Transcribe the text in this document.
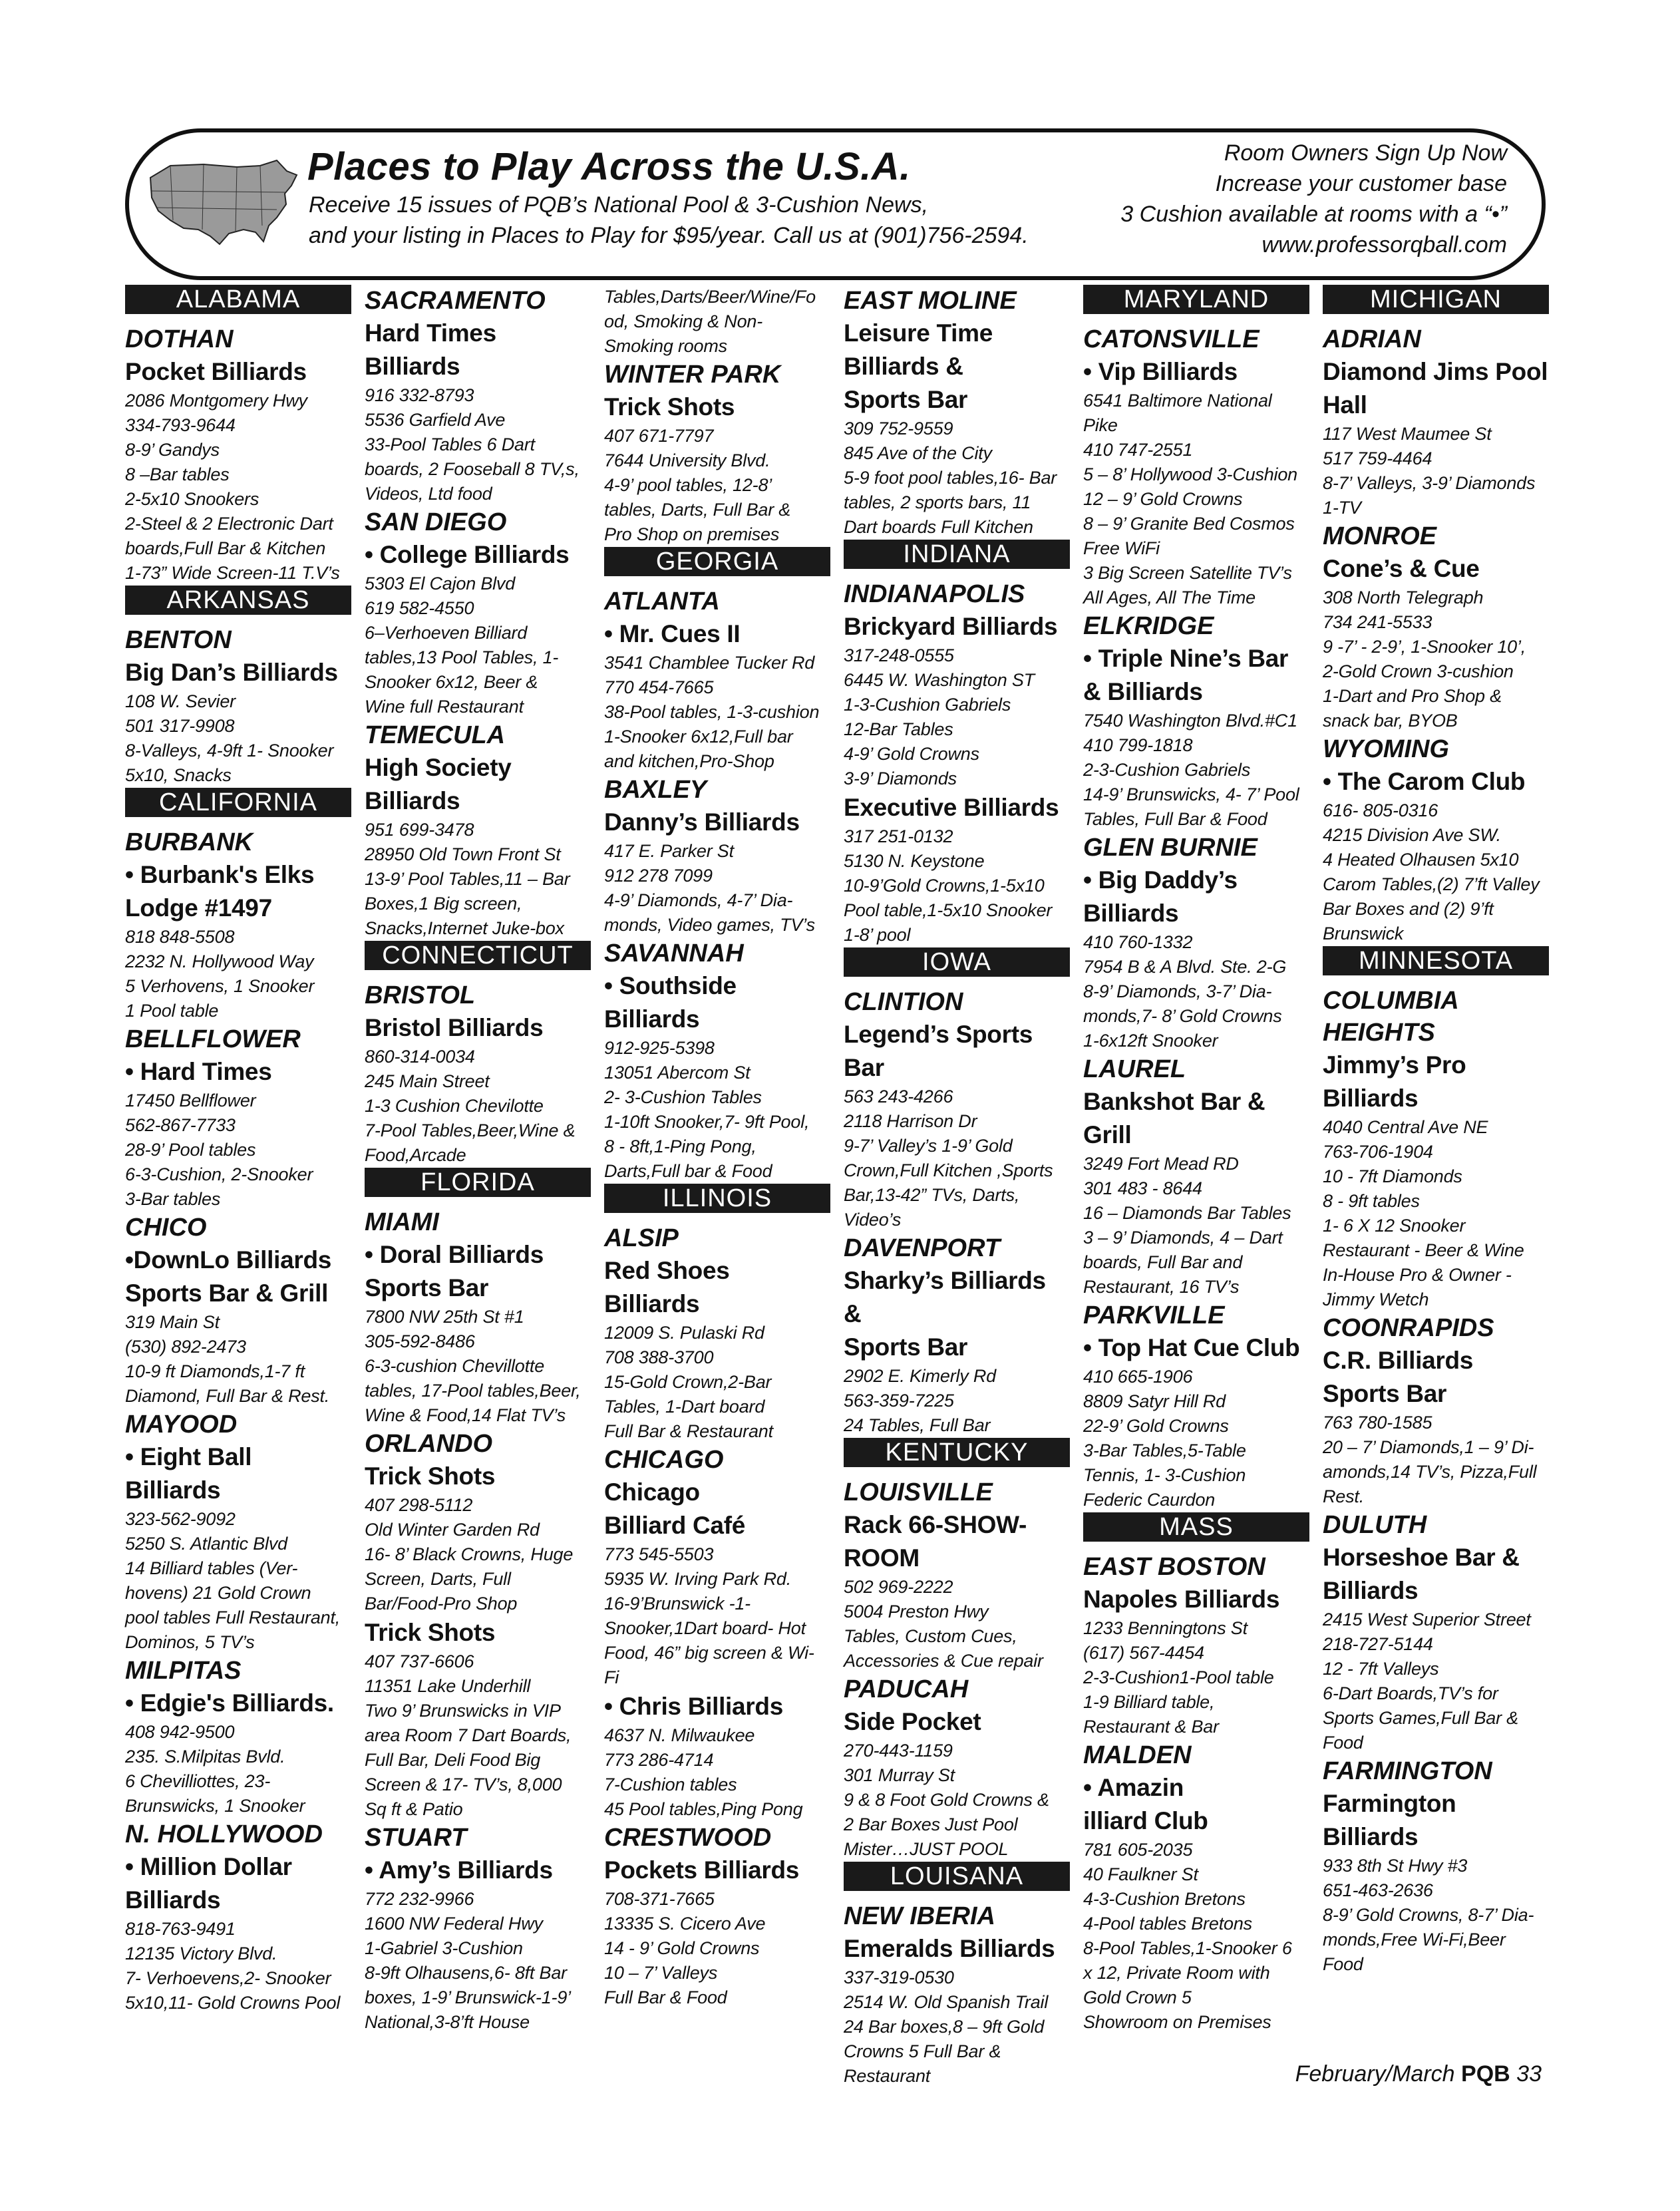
Places to Play Across the U.S.A.
Receive 15 issues of PQB’s National Pool & 3-Cushion News,
and your listing in Places to Play for $95/year. Call us at (901)756-2594.
Room Owners Sign Up Now
Increase your customer base
3 Cushion available at rooms with a “•”
www.professorqball.com
ALABAMA
DOTHAN
Pocket Billiards
2086 Montgomery Hwy
334-793-9644
8-9’ Gandys
8 –Bar tables
2-5x10 Snookers
2-Steel & 2 Electronic Dart
boards,Full Bar & Kitchen
1-73” Wide Screen-11 T.V’s
ARKANSAS
BENTON
Big Dan’s Billiards
108 W. Sevier
501 317-9908
8-Valleys, 4-9ft 1- Snooker
5x10, Snacks
CALIFORNIA
BURBANK
• Burbank's Elks
Lodge #1497
818 848-5508
2232 N. Hollywood Way
5 Verhovens, 1 Snooker
1 Pool table
BELLFLOWER
• Hard Times
17450 Bellflower
562-867-7733
28-9’ Pool tables
6-3-Cushion, 2-Snooker
3-Bar tables
CHICO
•DownLo Billiards
Sports Bar & Grill
319 Main St
(530) 892-2473
10-9 ft Diamonds,1-7 ft
Diamond, Full Bar & Rest.
MAYOOD
• Eight Ball Billiards
323-562-9092
5250 S. Atlantic Blvd
14 Billiard tables (Ver-
hovens) 21 Gold Crown
pool tables Full Restaurant,
Dominos, 5 TV’s
MILPITAS
• Edgie's Billiards.
408 942-9500
235. S.Milpitas Bvld.
6 Chevilliottes, 23-
Brunswicks, 1 Snooker
N. HOLLYWOOD
• Million Dollar
Billiards
818-763-9491
12135 Victory Blvd.
7- Verhoevens,2- Snooker
5x10,11- Gold Crowns Pool
SACRAMENTO
Hard Times
Billiards
916 332-8793
5536 Garfield Ave
33-Pool Tables 6 Dart
boards, 2 Fooseball 8 TV,s,
Videos, Ltd food
SAN DIEGO
• College Billiards
5303 El Cajon Blvd
619 582-4550
6–Verhoeven Billiard
tables,13 Pool Tables, 1-
Snooker 6x12, Beer &
Wine full Restaurant
TEMECULA
High Society
Billiards
951 699-3478
28950 Old Town Front St
13-9’ Pool Tables,11 – Bar
Boxes,1 Big screen,
Snacks,Internet Juke-box
CONNECTICUT
BRISTOL
Bristol Billiards
860-314-0034
245 Main Street
1-3 Cushion Chevilotte
7-Pool Tables,Beer,Wine &
Food,Arcade
FLORIDA
MIAMI
• Doral Billiards
Sports Bar
7800 NW 25th St #1
305-592-8486
6-3-cushion Chevillotte
tables, 17-Pool tables,Beer,
Wine & Food,14 Flat TV’s
ORLANDO
Trick Shots
407 298-5112
Old Winter Garden Rd
16- 8’ Black Crowns, Huge
Screen, Darts, Full
Bar/Food-Pro Shop
Trick Shots
407 737-6606
11351 Lake Underhill
Two 9’ Brunswicks in VIP
area Room 7 Dart Boards,
Full Bar, Deli Food Big
Screen & 17- TV’s, 8,000
Sq ft & Patio
STUART
• Amy’s Billiards
772 232-9966
1600 NW Federal Hwy
1-Gabriel 3-Cushion
8-9ft Olhausens,6- 8ft Bar
boxes, 1-9’ Brunswick-1-9’
National,3-8’ft House
Tables,Darts/Beer/Wine/Fo
od, Smoking & Non-
Smoking rooms
WINTER PARK
Trick Shots
407 671-7797
7644 University Blvd.
4-9’ pool tables, 12-8’
tables, Darts, Full Bar &
Pro Shop on premises
GEORGIA
ATLANTA
• Mr. Cues II
3541 Chamblee Tucker Rd
770 454-7665
38-Pool tables, 1-3-cushion
1-Snooker 6x12,Full bar
and kitchen,Pro-Shop
BAXLEY
Danny’s Billiards
417 E. Parker St
912 278 7099
4-9’ Diamonds, 4-7’ Dia-
monds, Video games, TV’s
SAVANNAH
• Southside Billiards
912-925-5398
13051 Abercom St
2- 3-Cushion Tables
1-10ft Snooker,7- 9ft Pool,
8 - 8ft,1-Ping Pong,
Darts,Full bar & Food
ILLINOIS
ALSIP
Red Shoes Billiards
12009 S. Pulaski Rd
708 388-3700
15-Gold Crown,2-Bar
Tables, 1-Dart board
Full Bar & Restaurant
CHICAGO
Chicago
Billiard Café
773 545-5503
5935 W. Irving Park Rd.
16-9’Brunswick -1-
Snooker,1Dart board- Hot
Food, 46” big screen & Wi-
Fi
• Chris Billiards
4637 N. Milwaukee
773 286-4714
7-Cushion tables
45 Pool tables,Ping Pong
CRESTWOOD
Pockets Billiards
708-371-7665
13335 S. Cicero Ave
14 - 9’ Gold Crowns
10 – 7’ Valleys
Full Bar & Food
EAST MOLINE
Leisure Time
Billiards &
Sports Bar
309 752-9559
845 Ave of the City
5-9 foot pool tables,16- Bar
tables, 2 sports bars, 11
Dart boards Full Kitchen
INDIANA
INDIANAPOLIS
Brickyard Billiards
317-248-0555
6445 W. Washington ST
1-3-Cushion Gabriels
12-Bar Tables
4-9’ Gold Crowns
3-9’ Diamonds
Executive Billiards
317 251-0132
5130 N. Keystone
10-9’Gold Crowns,1-5x10
Pool table,1-5x10 Snooker
1-8’ pool
IOWA
CLINTION
Legend’s Sports Bar
563 243-4266
2118 Harrison Dr
9-7’ Valley’s 1-9’ Gold
Crown,Full Kitchen ,Sports
Bar,13-42” TVs, Darts,
Video’s
DAVENPORT
Sharky’s Billiards &
Sports Bar
2902 E. Kimerly Rd
563-359-7225
24 Tables, Full Bar
KENTUCKY
LOUISVILLE
Rack 66-SHOW-
ROOM
502 969-2222
5004 Preston Hwy
Tables, Custom Cues,
Accessories & Cue repair
PADUCAH
Side Pocket
270-443-1159
301 Murray St
9 & 8 Foot Gold Crowns &
2 Bar Boxes Just Pool
Mister…JUST POOL
LOUISANA
NEW IBERIA
Emeralds Billiards
337-319-0530
2514 W. Old Spanish Trail
24 Bar boxes,8 – 9ft Gold
Crowns 5 Full Bar &
Restaurant
MARYLAND
CATONSVILLE
• Vip Billiards
6541 Baltimore National
Pike
410 747-2551
5 – 8’ Hollywood 3-Cushion
12 – 9’ Gold Crowns
8 – 9’ Granite Bed Cosmos
Free WiFi
3 Big Screen Satellite TV’s
All Ages, All The Time
ELKRIDGE
• Triple Nine’s Bar
& Billiards
7540 Washington Blvd.#C1
410 799-1818
2-3-Cushion Gabriels
14-9’ Brunswicks, 4- 7’ Pool
Tables, Full Bar & Food
GLEN BURNIE
• Big Daddy’s
Billiards
410 760-1332
7954 B & A Blvd. Ste. 2-G
8-9’ Diamonds, 3-7’ Dia-
monds,7- 8’ Gold Crowns
1-6x12ft Snooker
LAUREL
Bankshot Bar & Grill
3249 Fort Mead RD
301 483 - 8644
16 – Diamonds Bar Tables
3 – 9’ Diamonds, 4 – Dart
boards, Full Bar and
Restaurant, 16 TV’s
PARKVILLE
• Top Hat Cue Club
410 665-1906
8809 Satyr Hill Rd
22-9’ Gold Crowns
3-Bar Tables,5-Table
Tennis, 1- 3-Cushion
Federic Caurdon
MASS
EAST BOSTON
Napoles Billiards
1233 Benningtons St
(617) 567-4454
2-3-Cushion1-Pool table
1-9 Billiard table,
Restaurant & Bar
MALDEN
• Amazin
illiard Club
781 605-2035
40 Faulkner St
4-3-Cushion Bretons
4-Pool tables Bretons
8-Pool Tables,1-Snooker 6
x 12, Private Room with
Gold Crown 5
Showroom on Premises
MICHIGAN
ADRIAN
Diamond Jims Pool
Hall
117 West Maumee St
517 759-4464
8-7’ Valleys, 3-9’ Diamonds
1-TV
MONROE
Cone’s & Cue
308 North Telegraph
734 241-5533
9 -7’ - 2-9’, 1-Snooker 10’,
2-Gold Crown 3-cushion
1-Dart and Pro Shop &
snack bar, BYOB
WYOMING
• The Carom Club
616- 805-0316
4215 Division Ave SW.
4 Heated Olhausen 5x10
Carom Tables,(2) 7’ft Valley
Bar Boxes and (2) 9’ft
Brunswick
MINNESOTA
COLUMBIA
HEIGHTS
Jimmy’s Pro
Billiards
4040 Central Ave NE
763-706-1904
10 - 7ft Diamonds
8 - 9ft tables
1- 6 X 12 Snooker
Restaurant - Beer & Wine
In-House Pro & Owner -
Jimmy Wetch
COONRAPIDS
C.R. Billiards
Sports Bar
763 780-1585
20 – 7’ Diamonds,1 – 9’ Di-
amonds,14 TV’s, Pizza,Full
Rest.
DULUTH
Horseshoe Bar &
Billiards
2415 West Superior Street
218-727-5144
12 - 7ft Valleys
6-Dart Boards,TV’s for
Sports Games,Full Bar &
Food
FARMINGTON
Farmington
Billiards
933 8th St Hwy #3
651-463-2636
8-9’ Gold Crowns, 8-7’ Dia-
monds,Free Wi-Fi,Beer Food
February/March PQB 33
